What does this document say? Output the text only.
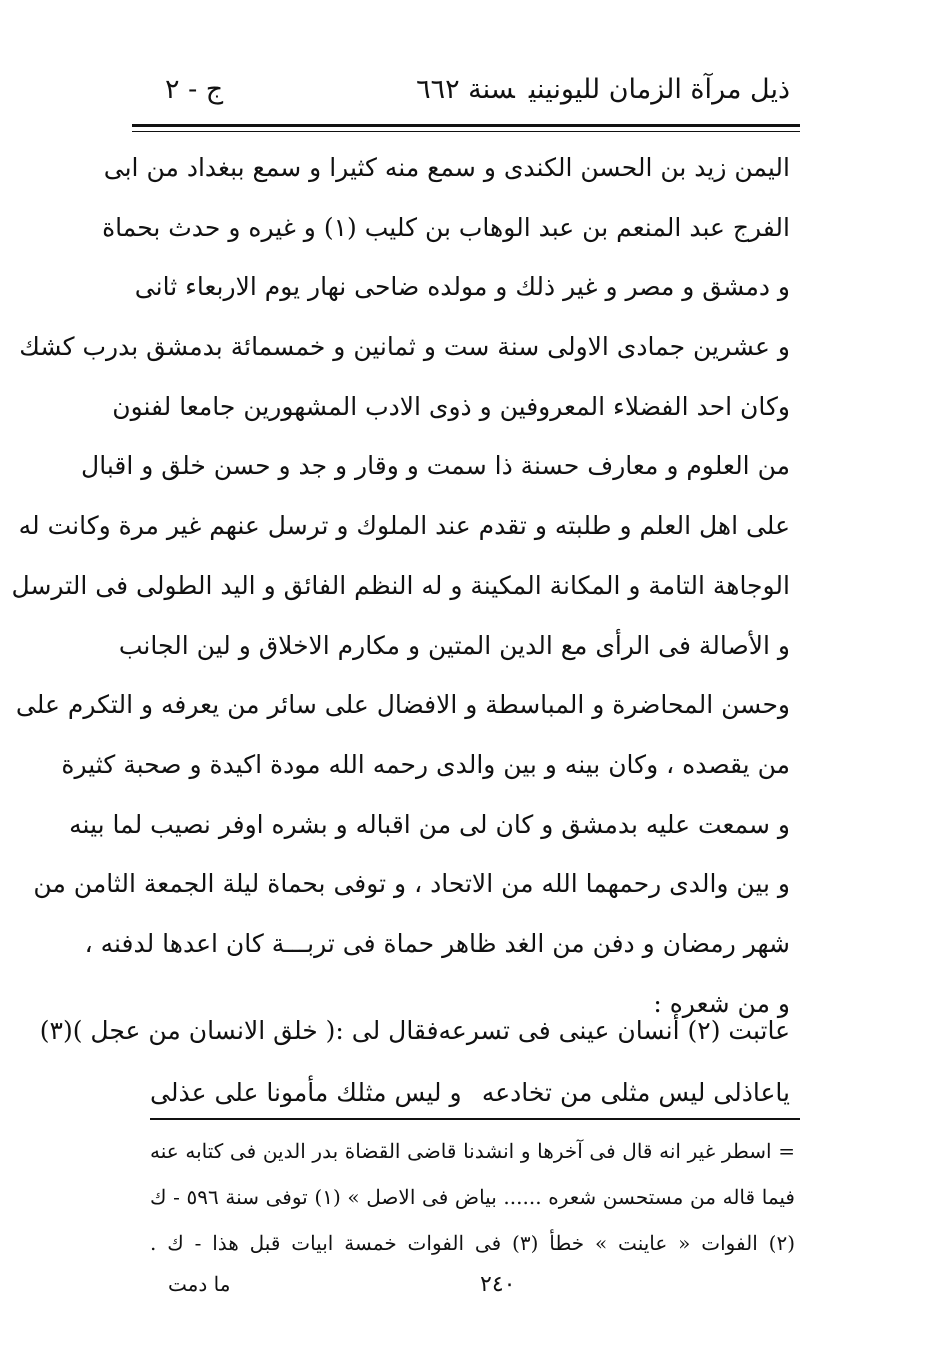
ذيل مرآة الزمان لليونينيسنة ٦٦٢
ج - ٢
اليمن زيد بن الحسن الكندى و سمع منه كثيرا و سمع ببغداد من ابى
الفرج عبد المنعم بن عبد الوهاب بن كليب (١) و غيره و حدث بحماة
و دمشق و مصر و غير ذلك و مولده ضاحى نهار يوم الاربعاء ثانى
و عشرين جمادى الاولى سنة ست و ثمانين و خمسمائة بدمشق بدرب كشك
وكان احد الفضلاء المعروفين و ذوى الادب المشهورين جامعا لفنون
من العلوم و معارف حسنة ذا سمت و وقار و جد و حسن خلق و اقبال
على اهل العلم و طلبته و تقدم عند الملوك و ترسل عنهم غير مرة وكانت له
الوجاهة التامة و المكانة المكينة و له النظم الفائق و اليد الطولى فى الترسل
و الأصالة فى الرأى مع الدين المتين و مكارم الاخلاق و لين الجانب
وحسن المحاضرة و المباسطة و الافضال على سائر من يعرفه و التكرم على
من يقصده ، وكان بينه و بين والدى رحمه الله مودة اكيدة و صحبة كثيرة
و سمعت عليه بدمشق و كان لى من اقباله و بشره اوفر نصيب لما بينه
و بين والدى رحمهما الله من الاتحاد ، و توفى بحماة ليلة الجمعة الثامن من
شهر رمضان و دفن من الغد ظاهر حماة فى تربـــة كان اعدها لدفنه ،
و من شعره :
عاتبت (٢) أنسان عينى فى تسرعه
فقال لى :( خلق الانسان من عجل )(٣)
ياعاذلى ليس مثلى من تخادعه
و ليس مثلك مأمونا على عذلى
= اسطر غير انه قال فى آخرها و انشدنا قاضى القضاة بدر الدين فى كتابه عنه
فيما قاله من مستحسن شعره ...... بياض فى الاصل » (١) توفى سنة ٥٩٦ - ك
(٢) الفوات « عاينت » خطأ (٣) فى الفوات خمسة ابيات قبل هذا - ك .
٢٤٠
ما دمت
